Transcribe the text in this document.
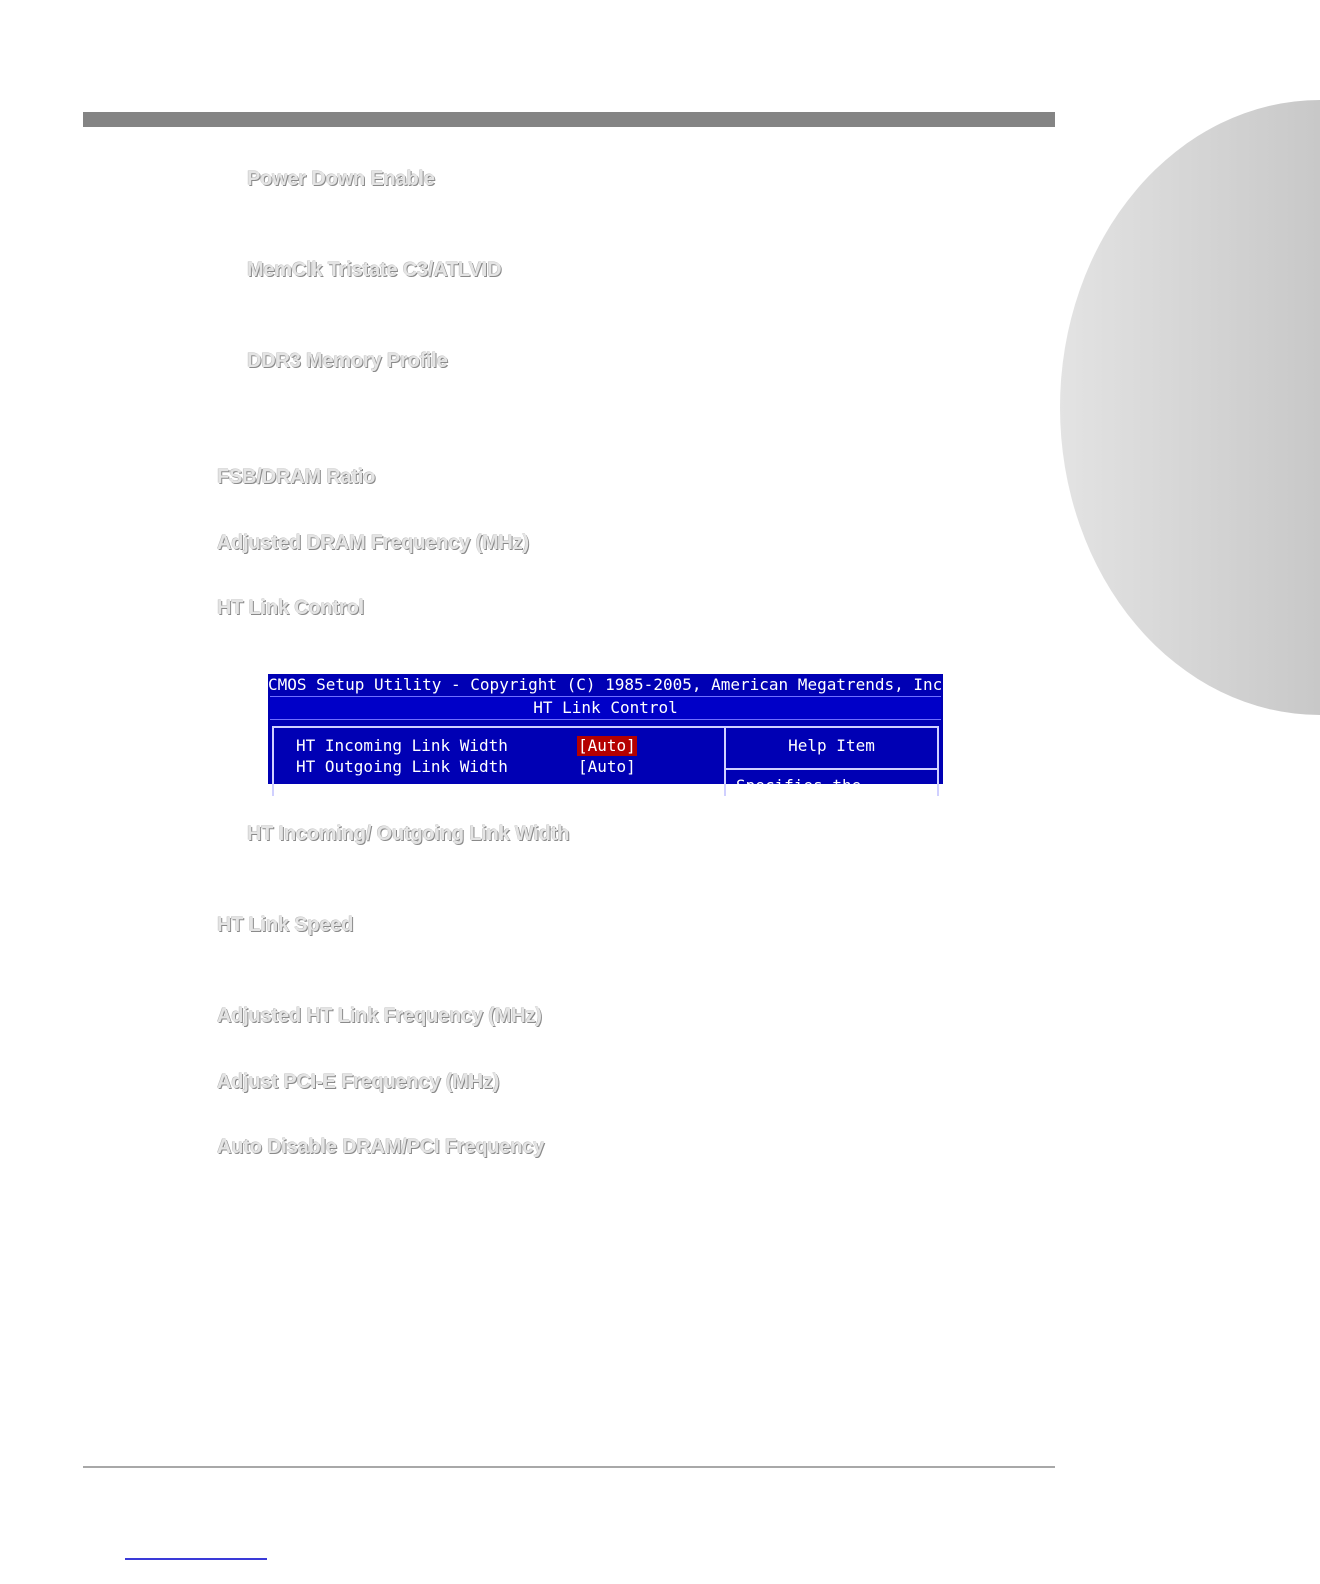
Power Down Enable
MemClk Tristate C3/ATLVID
DDR3 Memory Profile
FSB/DRAM Ratio
Adjusted DRAM Frequency (MHz)
HT Link Control
CMOS Setup Utility - Copyright (C) 1985-2005, American Megatrends, Inc.
HT Link Control
HT Incoming Link Width	[Auto]
HT Outgoing Link Width	[Auto]
Help Item
Specifies the
HT Incoming/ Outgoing Link Width
HT Link Speed
Adjusted HT Link Frequency (MHz)
Adjust PCI-E Frequency (MHz)
Auto Disable DRAM/PCI Frequency
